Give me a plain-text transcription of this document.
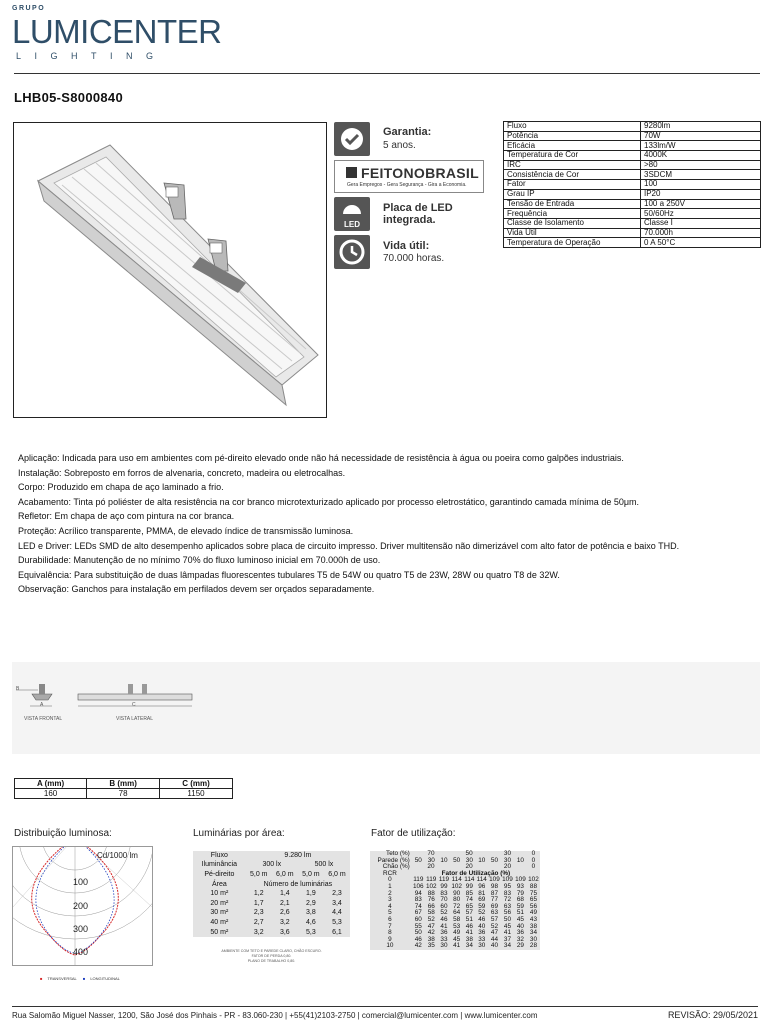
GRUPO
LUMICENTER
LIGHTING
LHB05-S8000840
Garantia:
5 anos.
FEITONOBRASIL
Gera Empregos - Gera Segurança - Gira a Economia.
LED
Placa de LED
integrada.
Vida útil:
70.000 horas.
Fluxo	9280lm
Potência	70W
Eficácia	133lm/W
Temperatura de Cor	4000K
IRC	>80
Consistência de Cor	3SDCM
Fator	100
Grau IP	IP20
Tensão de Entrada	100 a 250V
Frequência	50/60Hz
Classe de Isolamento	Classe I
Vida Útil	70.000h
Temperatura de Operação	0 A 50°C

Aplicação: Indicada para uso em ambientes com pé-direito elevado onde não há necessidade de resistência à água ou poeira como galpões industriais.

Instalação: Sobreposto em forros de alvenaria, concreto, madeira ou eletrocalhas.

Corpo: Produzido em chapa de aço laminado a frio.

Acabamento: Tinta pó poliéster de alta resistência na cor branco microtexturizado aplicado por processo eletrostático, garantindo camada mínima de 50μm.

Refletor: Em chapa de aço com pintura na cor branca.

Proteção: Acrílico transparente, PMMA, de elevado índice de transmissão luminosa.

LED e Driver: LEDs SMD de alto desempenho aplicados sobre placa de circuito impresso. Driver multitensão não dimerizável com alto fator de potência e baixo THD.

Durabilidade: Manutenção de no mínimo 70% do fluxo luminoso inicial em 70.000h de uso.

Equivalência: Para substituição de duas lâmpadas fluorescentes tubulares T5 de 54W ou quatro T5 de 23W, 28W ou quatro T8 de 32W.

Observação: Ganchos para instalação em perfilados devem ser orçados separadamente.

B
A	C
VISTA FRONTAL	VISTA LATERAL
A (mm)	B (mm)	C (mm)
160	78	1150
Distribuição luminosa:	Luminárias por área:	Fator de utilização:
Cd/1000 lm
100
200
300
400
■ TRANSVERSAL ■ LONGITUDINAL
Fluxo	9.280 lm			
Iluminância	300 lx		500 lx	
Pé-direito	5,0 m	6,0 m	5,0 m	6,0 m
Área	Número de luminárias			
10 m²	1,2	1,4	1,9	2,3
20 m²	1,7	2,1	2,9	3,4
30 m²	2,3	2,6	3,8	4,4
40 m²	2,7	3,2	4,6	5,3
50 m²	3,2	3,6	5,3	6,1
AMBIENTE COM TETO E PAREDE CLARO, CHÃO ESCURO.
FATOR DE PERDA 0,80.
PLANO DE TRABALHO 0,80.
Teto (%)	70			50			30			0
Parede (%)	50	30	10	50	30	10	50	30	10	0
Chão (%)	20			20			20			0
RCR	Fator de Utilização (%)									
0	119	119	119	114	114	114	109	109	109	102
1	106	102	99	102	99	96	98	95	93	88
2	94	88	83	90	85	81	87	83	79	75
3	83	76	70	80	74	69	77	72	68	65
4	74	66	60	72	65	59	69	63	59	56
5	67	58	52	64	57	52	63	56	51	49
6	60	52	46	58	51	46	57	50	45	43
7	55	47	41	53	46	40	52	45	40	38
8	50	42	36	49	41	36	47	41	36	34
9	46	38	33	45	38	33	44	37	32	30
10	42	35	30	41	34	30	40	34	29	28
Rua Salomão Miguel Nasser, 1200, São José dos Pinhais - PR - 83.060-230 | +55(41)2103-2750 | comercial@lumicenter.com | www.lumicenter.com	REVISÃO: 29/05/2021
